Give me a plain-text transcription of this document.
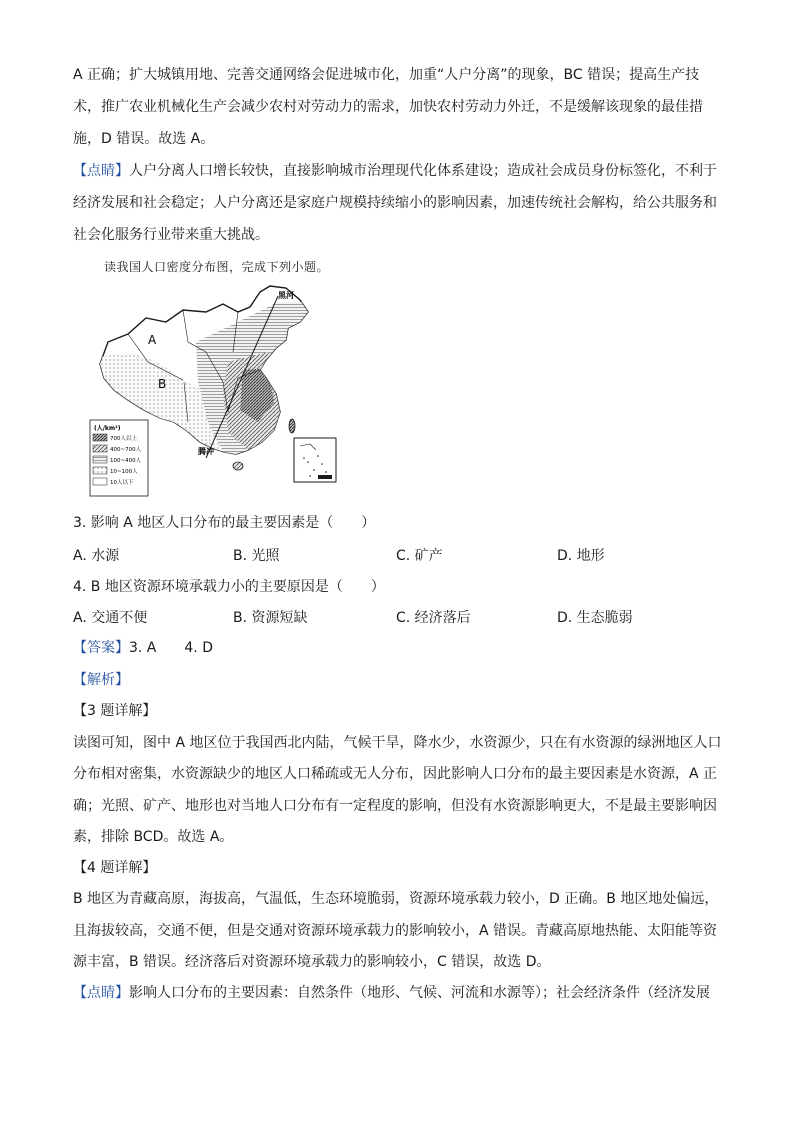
A 正确；扩大城镇用地、完善交通网络会促进城市化，加重“人户分离”的现象，BC 错误；提高生产技
术，推广农业机械化生产会减少农村对劳动力的需求，加快农村劳动力外迁，不是缓解该现象的最佳措
施，D 错误。故选 A。
【点睛】人户分离人口增长较快，直接影响城市治理现代化体系建设；造成社会成员身份标签化，不利于
经济发展和社会稳定；人户分离还是家庭户规模持续缩小的影响因素，加速传统社会解构，给公共服务和
社会化服务行业带来重大挑战。
读我国人口密度分布图，完成下列小题。
A
B
黑河
腾冲
(人/km²)
700人以上
400~700人
100~400人
10~100人
10人以下
3. 影响 A 地区人口分布的最主要因素是（　　）
A. 水源	B. 光照	C. 矿产	D. 地形
4. B 地区资源环境承载力小的主要原因是（　　）
A. 交通不便	B. 资源短缺	C. 经济落后	D. 生态脆弱
【答案】3. A　　4. D
【解析】
【3 题详解】
读图可知，图中 A 地区位于我国西北内陆，气候干旱，降水少，水资源少，只在有水资源的绿洲地区人口
分布相对密集，水资源缺少的地区人口稀疏或无人分布，因此影响人口分布的最主要因素是水资源，A 正
确；光照、矿产、地形也对当地人口分布有一定程度的影响，但没有水资源影响更大，不是最主要影响因
素，排除 BCD。故选 A。
【4 题详解】
B 地区为青藏高原，海拔高，气温低，生态环境脆弱，资源环境承载力较小，D 正确。B 地区地处偏远，
且海拔较高，交通不便，但是交通对资源环境承载力的影响较小，A 错误。青藏高原地热能、太阳能等资
源丰富，B 错误。经济落后对资源环境承载力的影响较小，C 错误，故选 D。
【点睛】影响人口分布的主要因素：自然条件（地形、气候、河流和水源等）；社会经济条件（经济发展
